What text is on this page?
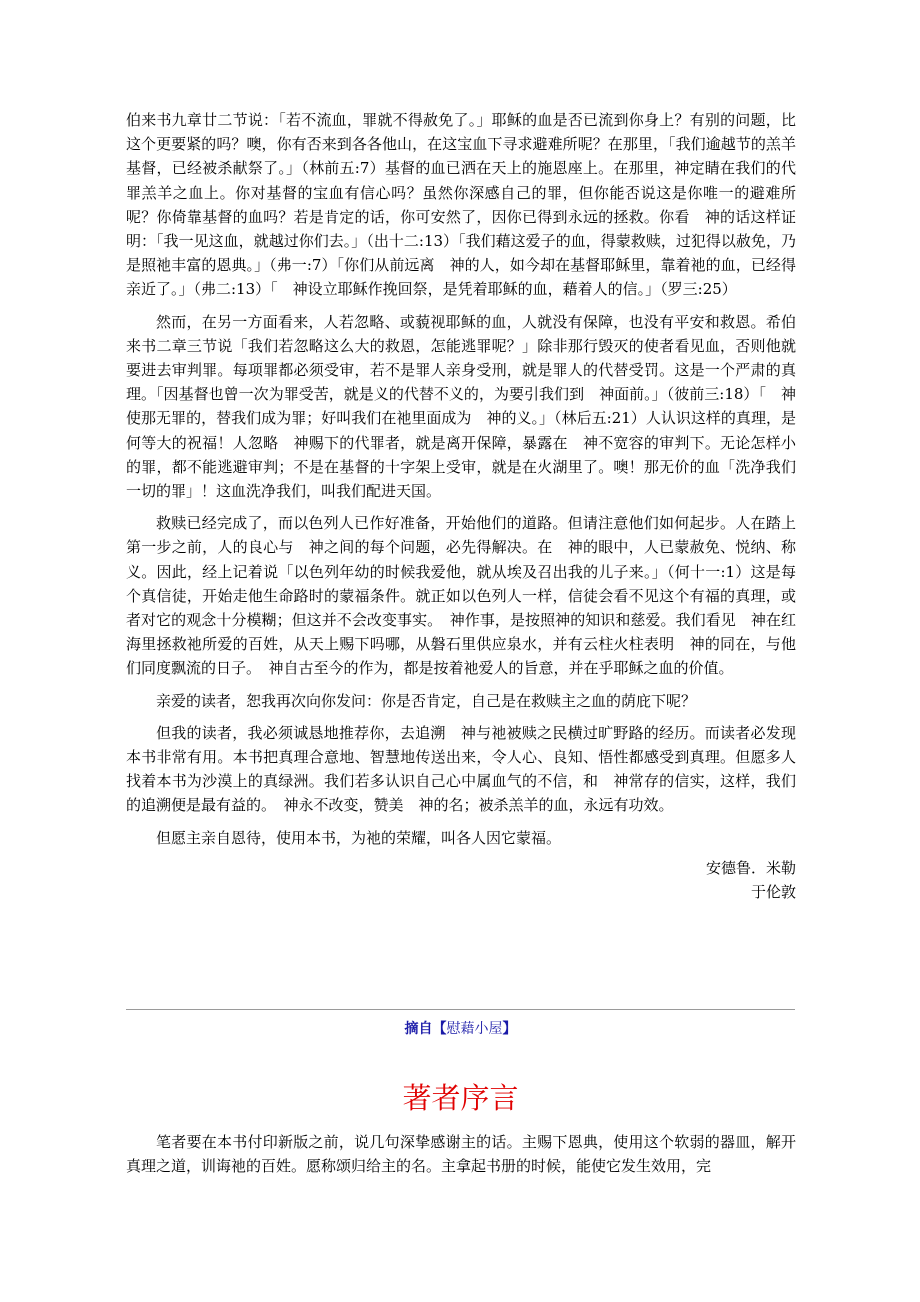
伯来书九章廿二节说：「若不流血，罪就不得赦免了。」耶稣的血是否已流到你身上？有别的问题，比这个更要紧的吗？噢，你有否来到各各他山，在这宝血下寻求避难所呢？在那里，「我们逾越节的羔羊基督，已经被杀献祭了。」（林前五:7）基督的血已洒在天上的施恩座上。在那里，神定睛在我们的代罪羔羊之血上。你对基督的宝血有信心吗？虽然你深感自己的罪，但你能否说这是你唯一的避难所呢？你倚靠基督的血吗？若是肯定的话，你可安然了，因你已得到永远的拯救。你看　神的话这样证明：「我一见这血，就越过你们去。」（出十二:13）「我们藉这爱子的血，得蒙救赎，过犯得以赦免，乃是照祂丰富的恩典。」（弗一:7）「你们从前远离　神的人，如今却在基督耶稣里，靠着祂的血，已经得亲近了。」（弗二:13）「　神设立耶稣作挽回祭，是凭着耶稣的血，藉着人的信。」（罗三:25）

然而，在另一方面看来，人若忽略、或藐视耶稣的血，人就没有保障，也没有平安和救恩。希伯来书二章三节说「我们若忽略这么大的救恩，怎能逃罪呢？」除非那行毁灭的使者看见血，否则他就要进去审判罪。每项罪都必须受审，若不是罪人亲身受刑，就是罪人的代替受罚。这是一个严肃的真理。「因基督也曾一次为罪受苦，就是义的代替不义的，为要引我们到　神面前。」（彼前三:18）「　神使那无罪的，替我们成为罪；好叫我们在祂里面成为　神的义。」（林后五:21）人认识这样的真理，是何等大的祝福！人忽略　神赐下的代罪者，就是离开保障，暴露在　神不宽容的审判下。无论怎样小的罪，都不能逃避审判；不是在基督的十字架上受审，就是在火湖里了。噢！那无价的血「洗净我们一切的罪」！这血洗净我们，叫我们配进天国。

救赎已经完成了，而以色列人已作好准备，开始他们的道路。但请注意他们如何起步。人在踏上第一步之前，人的良心与　神之间的每个问题，必先得解决。在　神的眼中，人已蒙赦免、悦纳、称义。因此，经上记着说「以色列年幼的时候我爱他，就从埃及召出我的儿子来。」（何十一:1）这是每个真信徒，开始走他生命路时的蒙福条件。就正如以色列人一样，信徒会看不见这个有福的真理，或者对它的观念十分模糊；但这并不会改变事实。　神作事，是按照神的知识和慈爱。我们看见　神在红海里拯救祂所爱的百姓，从天上赐下吗哪，从磐石里供应泉水，并有云柱火柱表明　神的同在，与他们同度飘流的日子。　神自古至今的作为，都是按着祂爱人的旨意，并在乎耶稣之血的价值。

亲爱的读者，恕我再次向你发问：你是否肯定，自己是在救赎主之血的荫庇下呢？

但我的读者，我必须诚恳地推荐你，去追溯　神与祂被赎之民横过旷野路的经历。而读者必发现本书非常有用。本书把真理合意地、智慧地传送出来，令人心、良知、悟性都感受到真理。但愿多人找着本书为沙漠上的真绿洲。我们若多认识自己心中属血气的不信，和　神常存的信实，这样，我们的追溯便是最有益的。　神永不改变，赞美　神的名；被杀羔羊的血，永远有功效。

但愿主亲自恩待，使用本书，为祂的荣耀，叫各人因它蒙福。

安德鲁．米勒

于伦敦

摘自【慰藉小屋】
著者序言

笔者要在本书付印新版之前，说几句深挚感谢主的话。主赐下恩典，使用这个软弱的器皿，解开真理之道，训诲祂的百姓。愿称颂归给主的名。主拿起书册的时候，能使它发生效用，完
